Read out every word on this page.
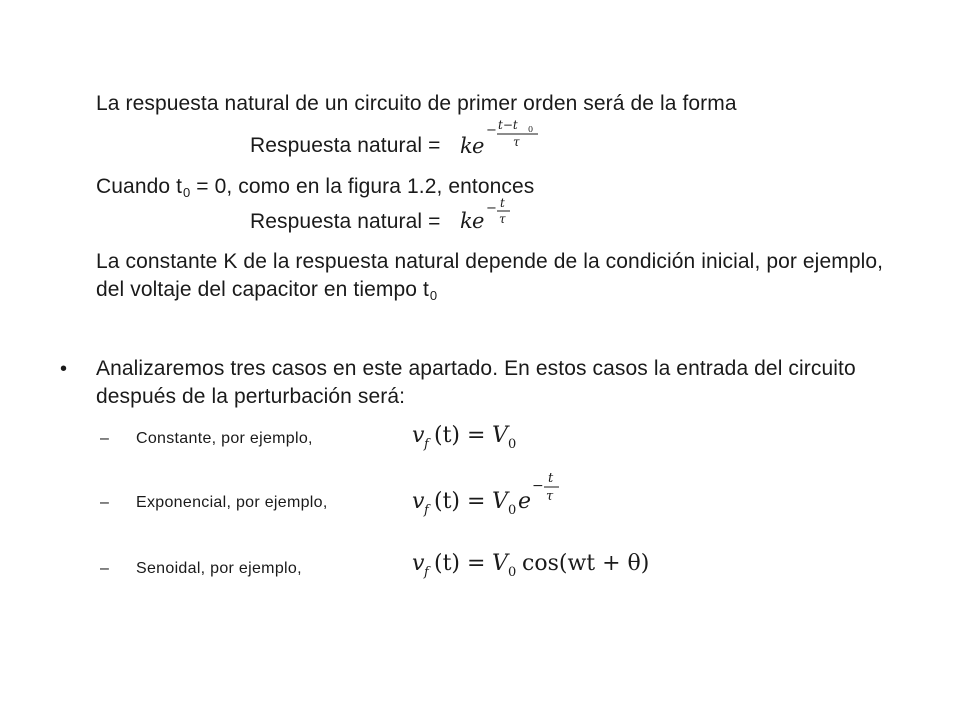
La respuesta natural de un circuito de primer orden será de la forma
Respuesta natural = k e
− t−t 0
τ
Cuando $t_0 = 0$, como en la figura 1.2, entonces
Respuesta natural = k e
− t
τ
La constante K de la respuesta natural depende de la condición inicial, por ejemplo, del voltaje del capacitor en tiempo $t_0$
• Analizaremos tres casos en este apartado. En estos casos la entrada del circuito después de la perturbación será:
– Constante, por ejemplo,	v f (t) = V 0
– Exponencial, por ejemplo,	v f (t) = V 0 e
− t
τ
– Senoidal, por ejemplo,	v f (t) = V 0 cos(wt + θ)
